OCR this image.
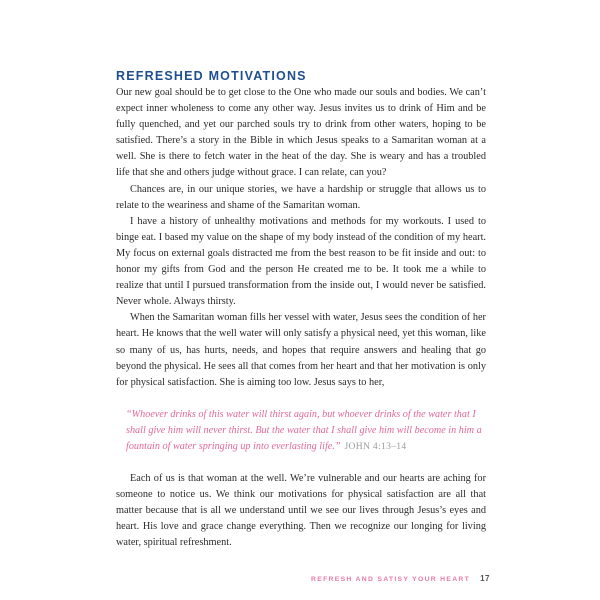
REFRESHED MOTIVATIONS

Our new goal should be to get close to the One who made our souls and bodies. We can’t expect inner wholeness to come any other way. Jesus invites us to drink of Him and be fully quenched, and yet our parched souls try to drink from other waters, hoping to be satisfied. There’s a story in the Bible in which Jesus speaks to a Samaritan woman at a well. She is there to fetch water in the heat of the day. She is weary and has a troubled life that she and others judge without grace. I can relate, can you?

Chances are, in our unique stories, we have a hardship or struggle that allows us to relate to the weariness and shame of the Samaritan woman.

I have a history of unhealthy motivations and methods for my workouts. I used to binge eat. I based my value on the shape of my body instead of the condition of my heart. My focus on external goals distracted me from the best reason to be fit inside and out: to honor my gifts from God and the person He created me to be. It took me a while to realize that until I pursued transformation from the inside out, I would never be satisfied. Never whole. Always thirsty.

When the Samaritan woman fills her vessel with water, Jesus sees the condition of her heart. He knows that the well water will only satisfy a physical need, yet this woman, like so many of us, has hurts, needs, and hopes that require answers and healing that go beyond the physical. He sees all that comes from her heart and that her motivation is only for physical satisfaction. She is aiming too low. Jesus says to her,

“Whoever drinks of this water will thirst again, but whoever drinks of the water that I shall give him will never thirst. But the water that I shall give him will become in him a fountain of water springing up into everlasting life.” JOHN 4:13–14

Each of us is that woman at the well. We’re vulnerable and our hearts are aching for someone to notice us. We think our motivations for physical satisfaction are all that matter because that is all we understand until we see our lives through Jesus’s eyes and heart. His love and grace change everything. Then we recognize our longing for living water, spiritual refreshment.

REFRESH AND SATISY YOUR HEART 17
